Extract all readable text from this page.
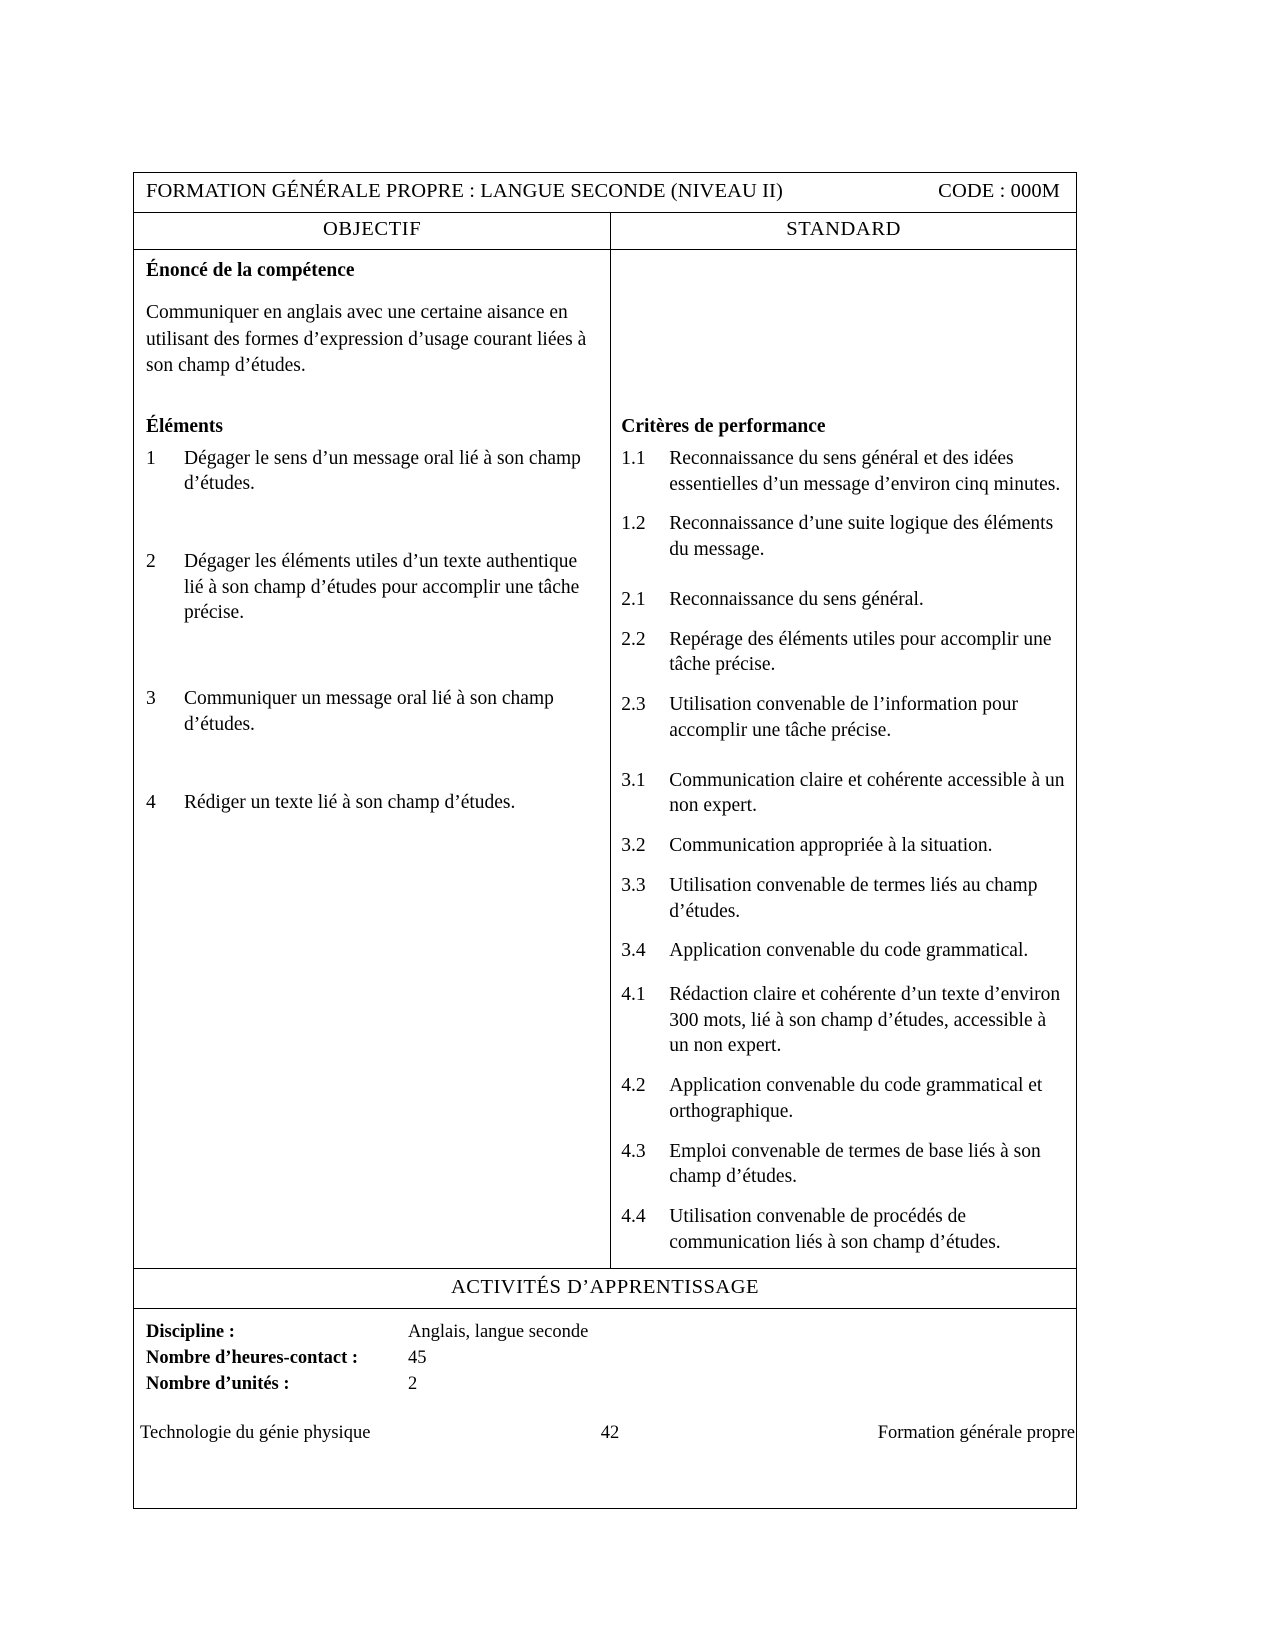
FORMATION GÉNÉRALE PROPRE : LANGUE SECONDE (NIVEAU II)	CODE : 000M
OBJECTIF	STANDARD
Énoncé de la compétence

Communiquer en anglais avec une certaine aisance en utilisant des formes d’expression d’usage courant liées à son champ d’études.

Éléments
1	Dégager le sens d’un message oral lié à son champ d’études.
2	Dégager les éléments utiles d’un texte authentique lié à son champ d’études pour accomplir une tâche précise.
3	Communiquer un message oral lié à son champ d’études.
4	Rédiger un texte lié à son champ d’études.
Critères de performance
1.1	Reconnaissance du sens général et des idées essentielles d’un message d’environ cinq minutes.
1.2	Reconnaissance d’une suite logique des éléments du message.
2.1	Reconnaissance du sens général.
2.2	Repérage des éléments utiles pour accomplir une tâche précise.
2.3	Utilisation convenable de l’information pour accomplir une tâche précise.
3.1	Communication claire et cohérente accessible à un non expert.
3.2	Communication appropriée à la situation.
3.3	Utilisation convenable de termes liés au champ d’études.
3.4	Application convenable du code grammatical.
4.1	Rédaction claire et cohérente d’un texte d’environ 300 mots, lié à son champ d’études, accessible à un non expert.
4.2	Application convenable du code grammatical et orthographique.
4.3	Emploi convenable de termes de base liés à son champ d’études.
4.4	Utilisation convenable de procédés de communication liés à son champ d’études.
ACTIVITÉS D’APPRENTISSAGE
Discipline :	Anglais, langue seconde
Nombre d’heures-contact :	45
Nombre d’unités :	2
Technologie du génie physique	42	Formation générale propre
